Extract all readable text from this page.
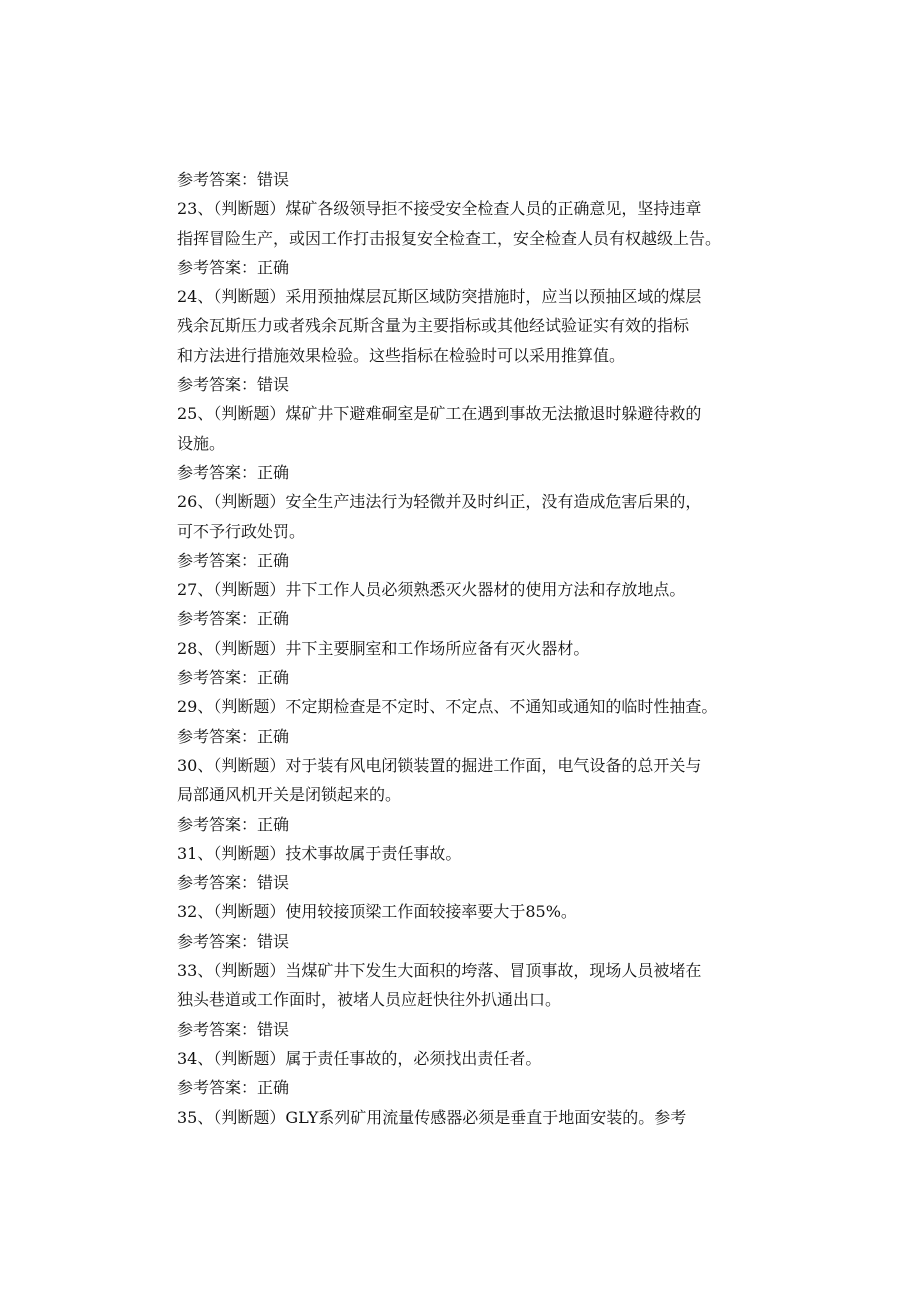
参考答案：错误
23、（判断题）煤矿各级领导拒不接受安全检查人员的正确意见，坚持违章
指挥冒险生产，或因工作打击报复安全检查工，安全检查人员有权越级上告。
参考答案：正确
24、（判断题）采用预抽煤层瓦斯区域防突措施时，应当以预抽区域的煤层
残余瓦斯压力或者残余瓦斯含量为主要指标或其他经试验证实有效的指标
和方法进行措施效果检验。这些指标在检验时可以采用推算值。
参考答案：错误
25、（判断题）煤矿井下避难硐室是矿工在遇到事故无法撤退时躲避待救的
设施。
参考答案：正确
26、（判断题）安全生产违法行为轻微并及时纠正，没有造成危害后果的，
可不予行政处罚。
参考答案：正确
27、（判断题）井下工作人员必须熟悉灭火器材的使用方法和存放地点。
参考答案：正确
28、（判断题）井下主要胴室和工作场所应备有灭火器材。
参考答案：正确
29、（判断题）不定期检查是不定时、不定点、不通知或通知的临时性抽查。
参考答案：正确
30、（判断题）对于装有风电闭锁装置的掘进工作面，电气设备的总开关与
局部通风机开关是闭锁起来的。
参考答案：正确
31、（判断题）技术事故属于责任事故。
参考答案：错误
32、（判断题）使用较接顶梁工作面较接率要大于85%。
参考答案：错误
33、（判断题）当煤矿井下发生大面积的垮落、冒顶事故，现场人员被堵在
独头巷道或工作面时，被堵人员应赶快往外扒通出口。
参考答案：错误
34、（判断题）属于责任事故的，必须找出责任者。
参考答案：正确
35、（判断题）GLY系列矿用流量传感器必须是垂直于地面安装的。参考
